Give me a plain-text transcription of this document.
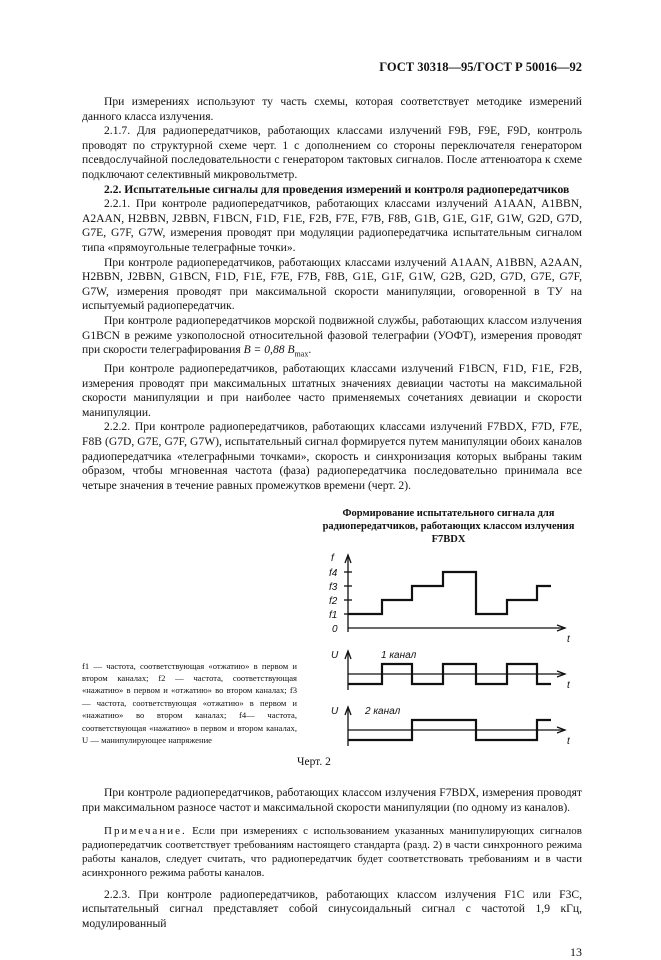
ГОСТ 30318—95/ГОСТ Р 50016—92

При измерениях используют ту часть схемы, которая соответствует методике измерений данного класса излучения.

2.1.7. Для радиопередатчиков, работающих классами излучений F9B, F9E, F9D, контроль проводят по структурной схеме черт. 1 с дополнением со стороны переключателя генератором псевдослучайной последовательности с генератором тактовых сигналов. После аттенюатора к схеме подключают селективный микровольтметр.

2.2. Испытательные сигналы для проведения измерений и контроля радиопередатчиков

2.2.1. При контроле радиопередатчиков, работающих классами излучений A1AAN, A1BBN, A2AAN, H2BBN, J2BBN, F1BCN, F1D, F1E, F2B, F7E, F7B, F8B, G1B, G1E, G1F, G1W, G2D, G7D, G7E, G7F, G7W, измерения проводят при модуляции радиопередатчика испытательным сигналом типа «прямоугольные телеграфные точки».

При контроле радиопередатчиков, работающих классами излучений A1AAN, A1BBN, A2AAN, H2BBN, J2BBN, G1BCN, F1D, F1E, F7E, F7B, F8B, G1E, G1F, G1W, G2B, G2D, G7D, G7E, G7F, G7W, измерения проводят при максимальной скорости манипуляции, оговоренной в ТУ на испытуемый радиопередатчик.

При контроле радиопередатчиков морской подвижной службы, работающих классом излучения G1BCN в режиме узкополосной относительной фазовой телеграфии (УОФТ), измерения проводят при скорости телеграфирования B = 0,88 $B_{max}$.

При контроле радиопередатчиков, работающих классами излучений F1BCN, F1D, F1E, F2B, измерения проводят при максимальных штатных значениях девиации частоты на максимальной скорости манипуляции и при наиболее часто применяемых сочетаниях девиации и скорости манипуляции.

2.2.2. При контроле радиопередатчиков, работающих классами излучений F7BDX, F7D, F7E, F8B (G7D, G7E, G7F, G7W), испытательный сигнал формируется путем манипуляции обоих каналов радиопередатчика «телеграфными точками», скорость и синхронизация которых выбраны таким образом, чтобы мгновенная частота (фаза) радиопередатчика последовательно принимала все четыре значения в течение равных промежутков времени (черт. 2).

f1 — частота, соответствующая «отжатию» в первом и втором каналах; f2 — частота, соответствующая «нажатию» в первом и «отжатию» во втором каналах; f3— частота, соответствующая «отжатию» в первом и «нажатию» во втором каналах; f4— частота, соответствующая «нажатию» в первом и втором каналах, U — манипулирующее напряжение
Формирование испытательного сигнала для радиопередатчиков, работающих классом излучения F7BDX
f
f4
f3
f2
f1
0
t
U	1 канал
t
U	2 канал
t
Черт. 2

При контроле радиопередатчиков, работающих классом излучения F7BDX, измерения проводят при максимальном разносе частот и максимальной скорости манипуляции (по одному из каналов).

Примечание. Если при измерениях с использованием указанных манипулирующих сигналов радиопередатчик соответствует требованиям настоящего стандарта (разд. 2) в части синхронного режима работы каналов, следует считать, что радиопередатчик будет соответствовать требованиям и в части асинхронного режима работы каналов.

2.2.3. При контроле радиопередатчиков, работающих классом излучения F1C или F3C, испытательный сигнал представляет собой синусоидальный сигнал с частотой 1,9 кГц, модулированный

13
